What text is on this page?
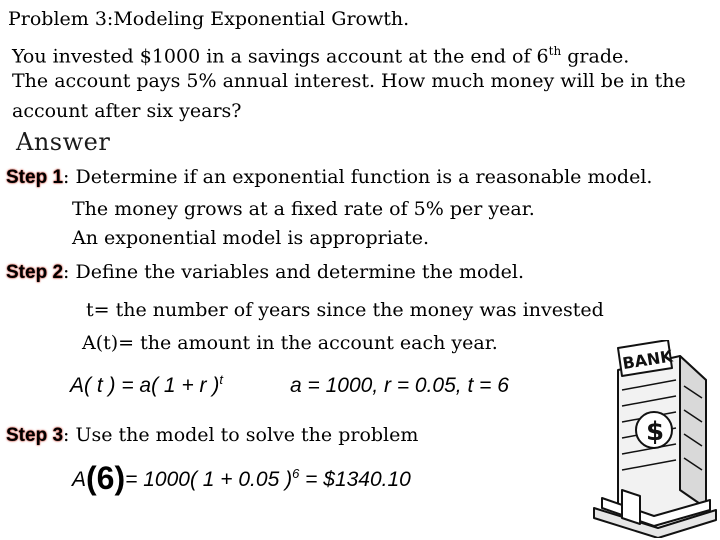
Problem 3:Modeling Exponential Growth.
You invested $1000 in a savings account at the end of 6th grade.
The account pays 5% annual interest. How much money will be in the
account after six years?
Answer
Step 1: Determine if an exponential function is a reasonable model.
The money grows at a fixed rate of 5% per year.
An exponential model is appropriate.
Step 2: Define the variables and determine the model.
t= the number of years since the money was invested
A(t)= the amount in the account each year.
A( t ) = a( 1 + r )$^t$	a = 1000, r = 0.05, t = 6
Step 3: Use the model to solve the problem
A(6)= 1000( 1 + 0.05 )$^6$ = $1340.10
BANK
$
